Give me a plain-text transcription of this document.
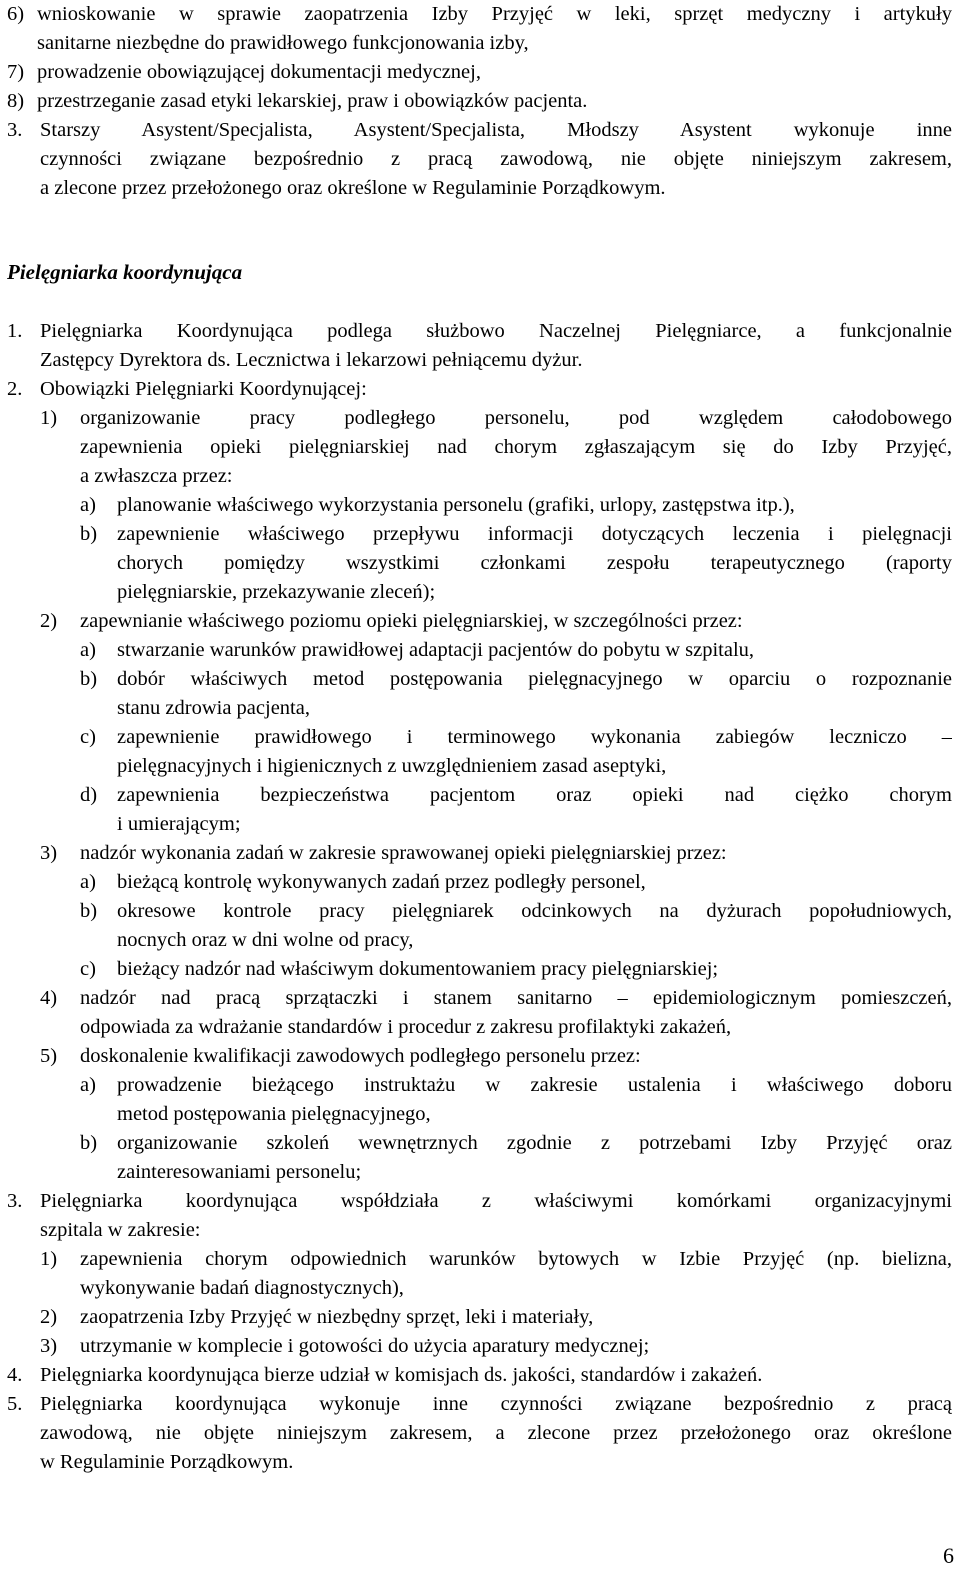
6) wnioskowanie w sprawie zaopatrzenia Izby Przyjęć w leki, sprzęt medyczny i artykuły
sanitarne niezbędne do prawidłowego funkcjonowania izby,
7) prowadzenie obowiązującej dokumentacji medycznej,
8) przestrzeganie zasad etyki lekarskiej, praw i obowiązków pacjenta.
3. Starszy Asystent/Specjalista, Asystent/Specjalista, Młodszy Asystent wykonuje inne
czynności związane bezpośrednio z pracą zawodową, nie objęte niniejszym zakresem,
a zlecone przez przełożonego oraz określone w Regulaminie Porządkowym.
Pielęgniarka koordynująca
1. Pielęgniarka Koordynująca podlega służbowo Naczelnej Pielęgniarce, a funkcjonalnie
Zastępcy Dyrektora ds. Lecznictwa i lekarzowi pełniącemu dyżur.
2. Obowiązki Pielęgniarki Koordynującej:
1) organizowanie pracy podległego personelu, pod względem całodobowego
zapewnienia opieki pielęgniarskiej nad chorym zgłaszającym się do Izby Przyjęć,
a zwłaszcza przez:
a) planowanie właściwego wykorzystania personelu (grafiki, urlopy, zastępstwa itp.),
b) zapewnienie właściwego przepływu informacji dotyczących leczenia i pielęgnacji
chorych pomiędzy wszystkimi członkami zespołu terapeutycznego (raporty
pielęgniarskie, przekazywanie zleceń);
2) zapewnianie właściwego poziomu opieki pielęgniarskiej, w szczególności przez:
a) stwarzanie warunków prawidłowej adaptacji pacjentów do pobytu w szpitalu,
b) dobór właściwych metod postępowania pielęgnacyjnego w oparciu o rozpoznanie
stanu zdrowia pacjenta,
c) zapewnienie prawidłowego i terminowego wykonania zabiegów leczniczo –
pielęgnacyjnych i higienicznych z uwzględnieniem zasad aseptyki,
d) zapewnienia bezpieczeństwa pacjentom oraz opieki nad ciężko chorym
i umierającym;
3) nadzór wykonania zadań w zakresie sprawowanej opieki pielęgniarskiej przez:
a) bieżącą kontrolę wykonywanych zadań przez podległy personel,
b) okresowe kontrole pracy pielęgniarek odcinkowych na dyżurach popołudniowych,
nocnych oraz w dni wolne od pracy,
c) bieżący nadzór nad właściwym dokumentowaniem pracy pielęgniarskiej;
4) nadzór nad pracą sprzątaczki i stanem sanitarno – epidemiologicznym pomieszczeń,
odpowiada za wdrażanie standardów i procedur z zakresu profilaktyki zakażeń,
5) doskonalenie kwalifikacji zawodowych podległego personelu przez:
a) prowadzenie bieżącego instruktażu w zakresie ustalenia i właściwego doboru
metod postępowania pielęgnacyjnego,
b) organizowanie szkoleń wewnętrznych zgodnie z potrzebami Izby Przyjęć oraz
zainteresowaniami personelu;
3. Pielęgniarka koordynująca współdziała z właściwymi komórkami organizacyjnymi
szpitala w zakresie:
1) zapewnienia chorym odpowiednich warunków bytowych w Izbie Przyjęć (np. bielizna,
wykonywanie badań diagnostycznych),
2) zaopatrzenia Izby Przyjęć w niezbędny sprzęt, leki i materiały,
3) utrzymanie w komplecie i gotowości do użycia aparatury medycznej;
4. Pielęgniarka koordynująca bierze udział w komisjach ds. jakości, standardów i zakażeń.
5. Pielęgniarka koordynująca wykonuje inne czynności związane bezpośrednio z pracą
zawodową, nie objęte niniejszym zakresem, a zlecone przez przełożonego oraz określone
w Regulaminie Porządkowym.
6
